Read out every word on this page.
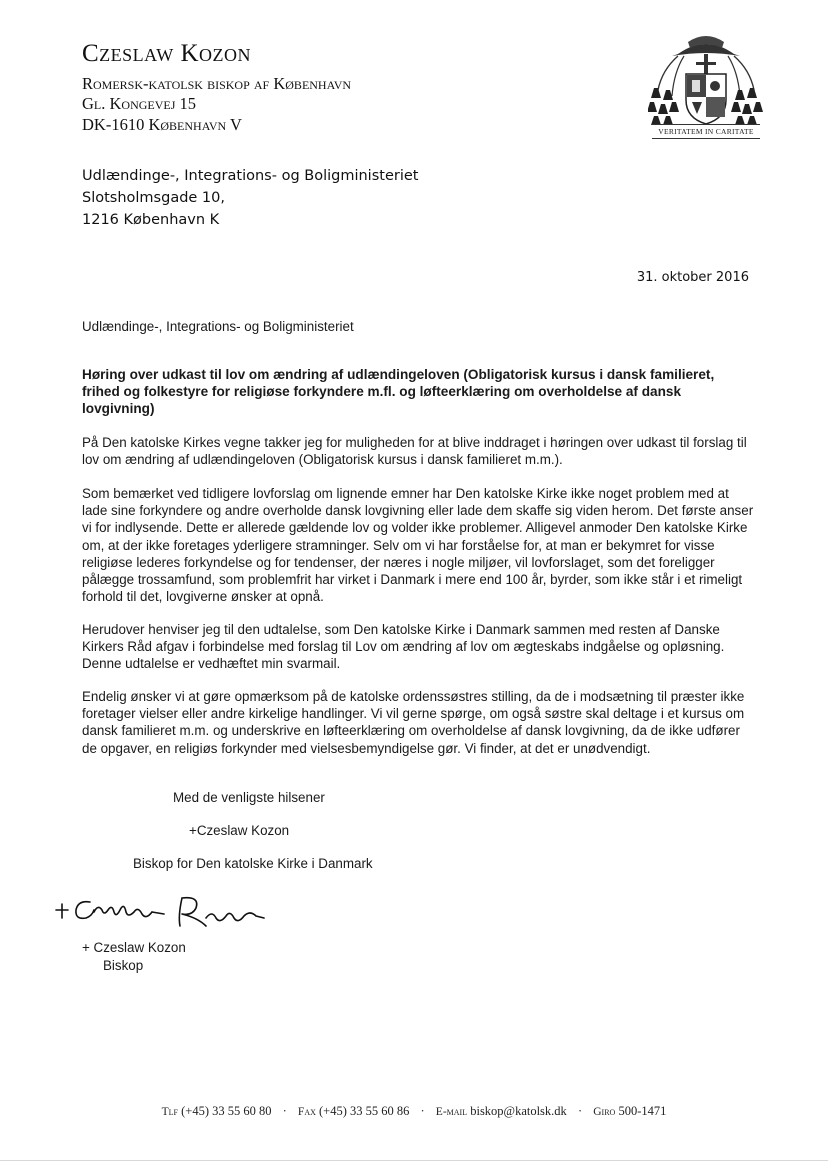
Czeslaw Kozon
Romersk-katolsk biskop af København
Gl. Kongevej 15
DK-1610 København V	VERITATEM IN CARITATE
Udlændinge-, Integrations- og Boligministeriet
Slotsholmsgade 10,
1216 København K
31. oktober 2016

Udlændinge-, Integrations- og Boligministeriet

Høring over udkast til lov om ændring af udlændingeloven (Obligatorisk kursus i dansk familieret, frihed og folkestyre for religiøse forkyndere m.fl. og løfteerklæring om overholdelse af dansk lovgivning)

På Den katolske Kirkes vegne takker jeg for muligheden for at blive inddraget i høringen over udkast til forslag til lov om ændring af udlændingeloven (Obligatorisk kursus i dansk familieret m.m.).

Som bemærket ved tidligere lovforslag om lignende emner har Den katolske Kirke ikke noget problem med at lade sine forkyndere og andre overholde dansk lovgivning eller lade dem skaffe sig viden herom. Det første anser vi for indlysende. Dette er allerede gældende lov og volder ikke problemer. Alligevel anmoder Den katolske Kirke om, at der ikke foretages yderligere stramninger. Selv om vi har forståelse for, at man er bekymret for visse religiøse lederes forkyndelse og for tendenser, der næres i nogle miljøer, vil lovforslaget, som det foreligger pålægge trossamfund, som problemfrit har virket i Danmark i mere end 100 år, byrder, som ikke står i et rimeligt forhold til det, lovgiverne ønsker at opnå.

Herudover henviser jeg til den udtalelse, som Den katolske Kirke i Danmark sammen med resten af Danske Kirkers Råd afgav i forbindelse med forslag til Lov om ændring af lov om ægteskabs indgåelse og opløsning. Denne udtalelse er vedhæftet min svarmail.

Endelig ønsker vi at gøre opmærksom på de katolske ordenssøstres stilling, da de i modsætning til præster ikke foretager vielser eller andre kirkelige handlinger. Vi vil gerne spørge, om også søstre skal deltage i et kursus om dansk familieret m.m. og underskrive en løfteerklæring om overholdelse af dansk lovgivning, da de ikke udfører de opgaver, en religiøs forkynder med vielsesbemyndigelse gør. Vi finder, at det er unødvendigt.

Med de venligste hilsener
+Czeslaw Kozon
Biskop for Den katolske Kirke i Danmark
+ Czeslaw Kozon
Biskop
Tlf (+45) 33 55 60 80 · Fax (+45) 33 55 60 86 · E-mail biskop@katolsk.dk · Giro 500-1471
